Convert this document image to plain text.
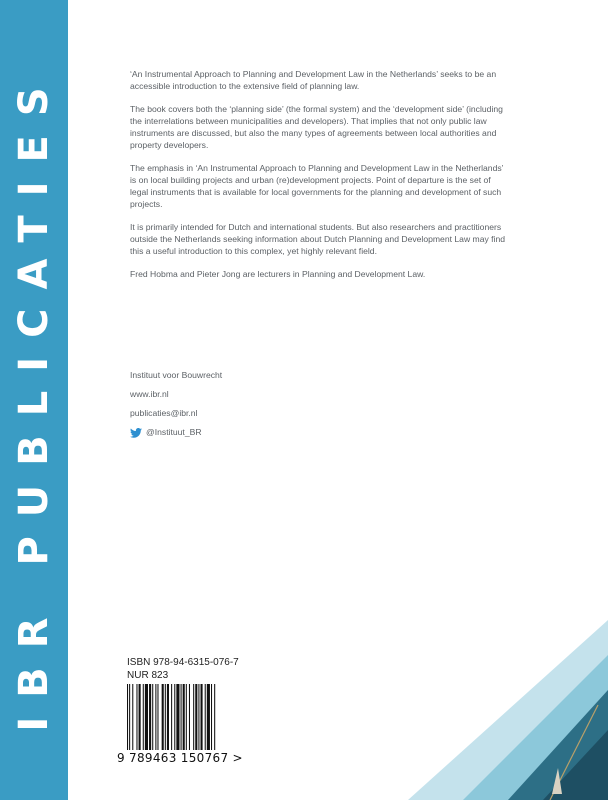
IBR PUBLICATIES	‘An Instrumental Approach to Planning and Development Law in the Netherlands’ seeks to be an accessible introduction to the extensive field of planning law.

The book covers both the ‘planning side’ (the formal system) and the ‘development side’ (including the interrelations between municipalities and developers). That implies that not only public law instruments are discussed, but also the many types of agreements between local authorities and property developers.

The emphasis in ‘An Instrumental Approach to Planning and Development Law in the Netherlands’ is on local building projects and urban (re)development projects. Point of departure is the set of legal instruments that is available for local governments for the planning and development of such projects.

It is primarily intended for Dutch and international students. But also researchers and practitioners outside the Netherlands seeking information about Dutch Planning and Development Law may find this a useful introduction to this complex, yet highly relevant field.

Fred Hobma and Pieter Jong are lecturers in Planning and Development Law.

Instituut voor Bouwrecht
www.ibr.nl
publicaties@ibr.nl
@Instituut_BR
ISBN 978-94-6315-076-7
NUR 823
9 789463 150767 >
